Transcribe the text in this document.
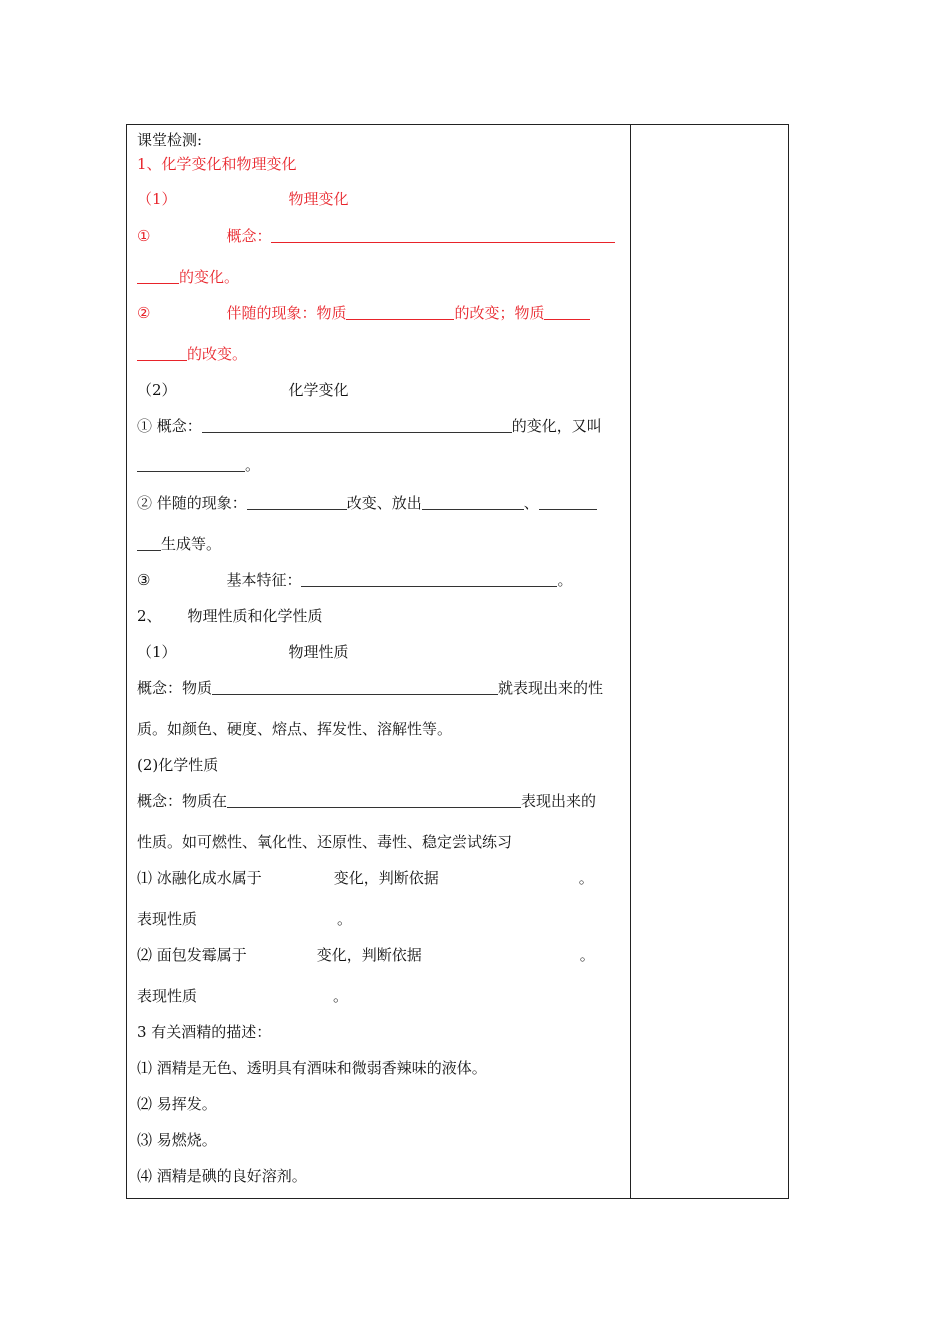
课堂检测:
1、化学变化和物理变化
（1）	物理变化
①	概念：
的变化。
②	伴随的现象：物质	的改变；物质
的改变。
（2）	化学变化
① 概念：	的变化，又叫
。
② 伴随的现象：	改变、放出	、
生成等。
③	基本特征：	。
2、 物理性质和化学性质
（1）	物理性质
概念：物质	就表现出来的性
质。如颜色、硬度、熔点、挥发性、溶解性等。
(2)化学性质
概念：物质在	表现出来的
性质。如可燃性、氧化性、还原性、毒性、稳定尝试练习
⑴ 冰融化成水属于	变化，判断依据	。
表现性质	。
⑵ 面包发霉属于	变化，判断依据	。
表现性质	。
3 有关酒精的描述：
⑴ 酒精是无色、透明具有酒味和微弱香辣味的液体。
⑵ 易挥发。
⑶ 易燃烧。
⑷ 酒精是碘的良好溶剂。
